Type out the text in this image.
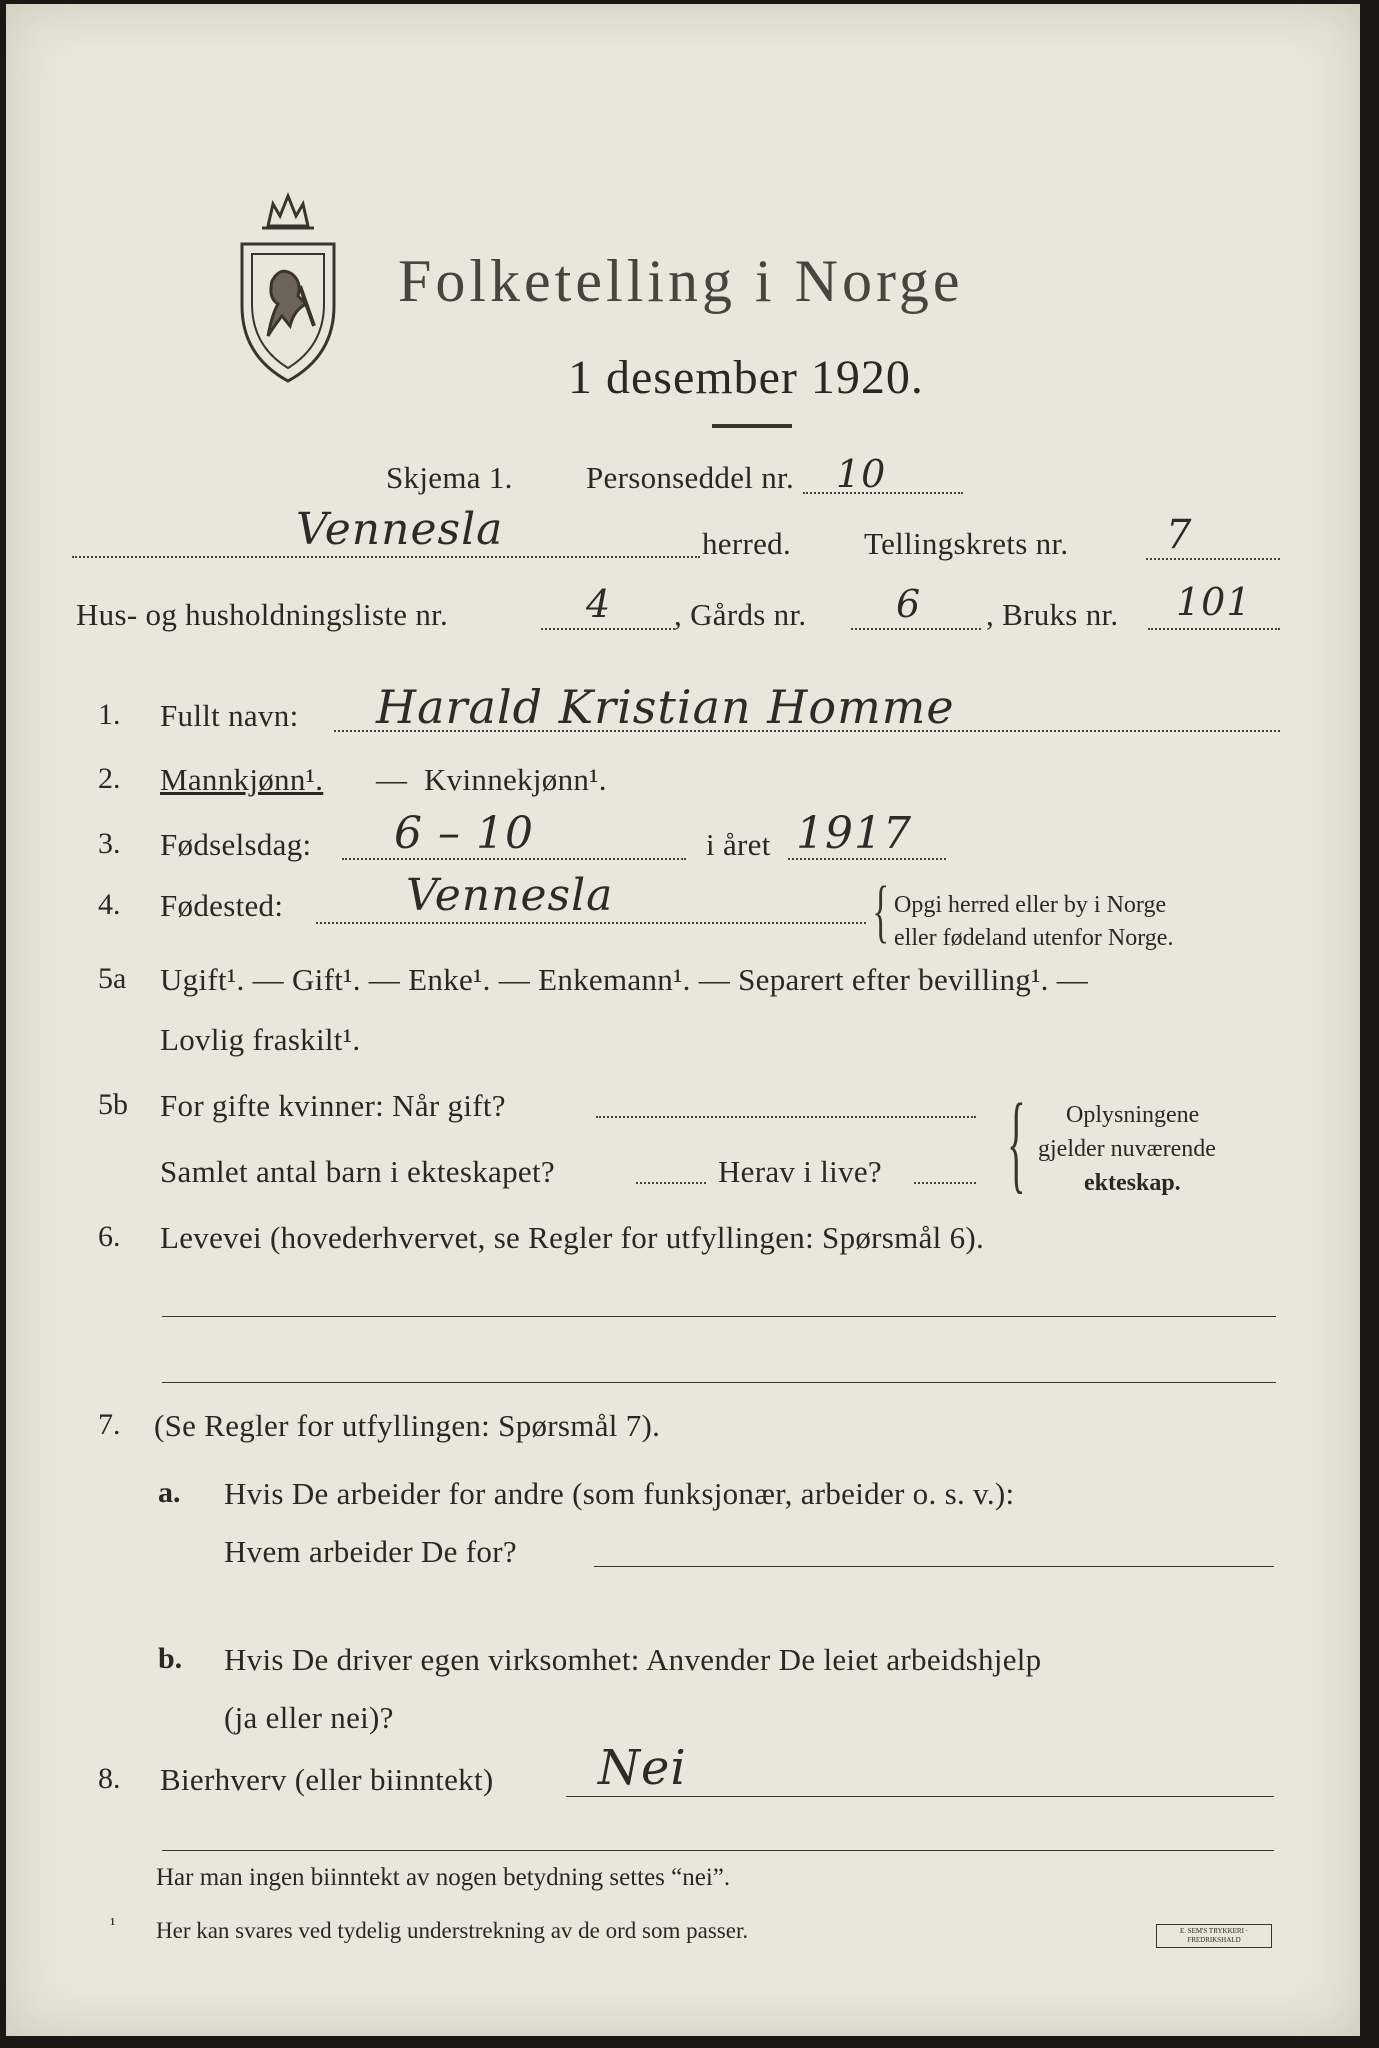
Folketelling i Norge
1 desember 1920.
Skjema 1. Personseddel nr. 10
Vennesla	herred. Tellingskrets nr. 7
Hus- og husholdningsliste nr.	4 , Gårds nr. 6 , Bruks nr. 101
1. Fullt navn: Harald Kristian Homme
2. Mannkjønn¹. — Kvinnekjønn¹.
3. Fødselsdag: 6 – 10	i året 1917
4. Fødested:	Vennesla	{ Opgi herred eller by i Norge
eller fødeland utenfor Norge.
5a Ugift¹. — Gift¹. — Enke¹. — Enkemann¹. — Separert efter bevilling¹. —
Lovlig fraskilt¹.
5b For gifte kvinner: Når gift?
Samlet antal barn i ekteskapet?	Herav i live? { Oplysningene
gjelder nuværende
ekteskap.
6. Levevei (hovederhvervet, se Regler for utfyllingen: Spørsmål 6).
7. (Se Regler for utfyllingen: Spørsmål 7).
a. Hvis De arbeider for andre (som funksjonær, arbeider o. s. v.):
Hvem arbeider De for?
b. Hvis De driver egen virksomhet: Anvender De leiet arbeidshjelp
(ja eller nei)?
8. Bierhverv (eller biinntekt) Nei
Har man ingen biinntekt av nogen betydning settes “nei”.
¹ Her kan svares ved tydelig understrekning av de ord som passer.	E. SEM'S TRYKKERI · FREDRIKSHALD
